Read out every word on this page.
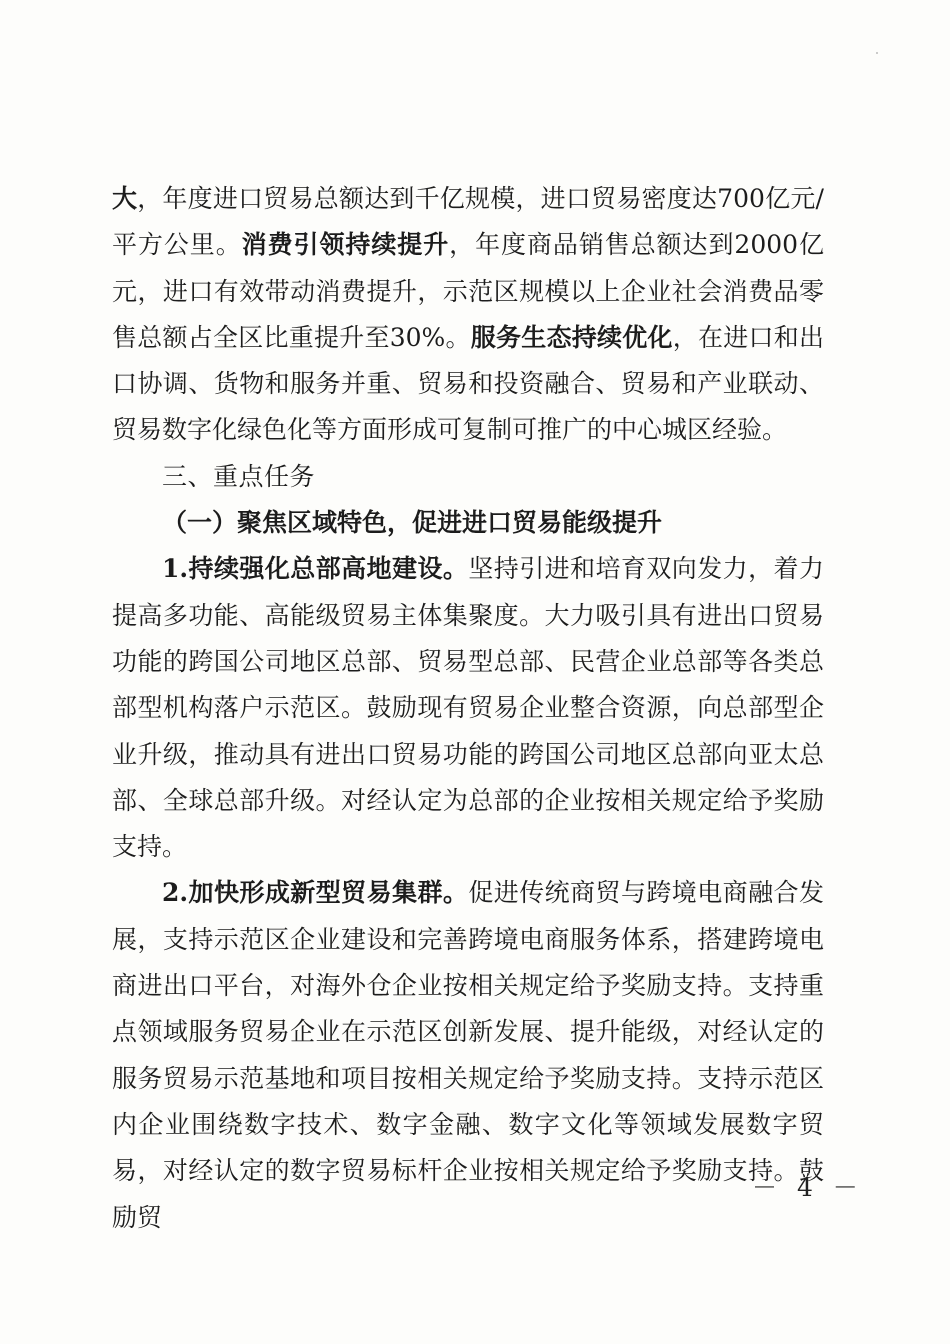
大，年度进口贸易总额达到千亿规模，进口贸易密度达700亿元/平方公里。消费引领持续提升，年度商品销售总额达到2000亿元，进口有效带动消费提升，示范区规模以上企业社会消费品零售总额占全区比重提升至30%。服务生态持续优化，在进口和出口协调、货物和服务并重、贸易和投资融合、贸易和产业联动、贸易数字化绿色化等方面形成可复制可推广的中心城区经验。

三、重点任务

（一）聚焦区域特色，促进进口贸易能级提升

1.持续强化总部高地建设。坚持引进和培育双向发力，着力提高多功能、高能级贸易主体集聚度。大力吸引具有进出口贸易功能的跨国公司地区总部、贸易型总部、民营企业总部等各类总部型机构落户示范区。鼓励现有贸易企业整合资源，向总部型企业升级，推动具有进出口贸易功能的跨国公司地区总部向亚太总部、全球总部升级。对经认定为总部的企业按相关规定给予奖励支持。

2.加快形成新型贸易集群。促进传统商贸与跨境电商融合发展，支持示范区企业建设和完善跨境电商服务体系，搭建跨境电商进出口平台，对海外仓企业按相关规定给予奖励支持。支持重点领域服务贸易企业在示范区创新发展、提升能级，对经认定的服务贸易示范基地和项目按相关规定给予奖励支持。支持示范区内企业围绕数字技术、数字金融、数字文化等领域发展数字贸易，对经认定的数字贸易标杆企业按相关规定给予奖励支持。鼓励贸

－ 4 －
